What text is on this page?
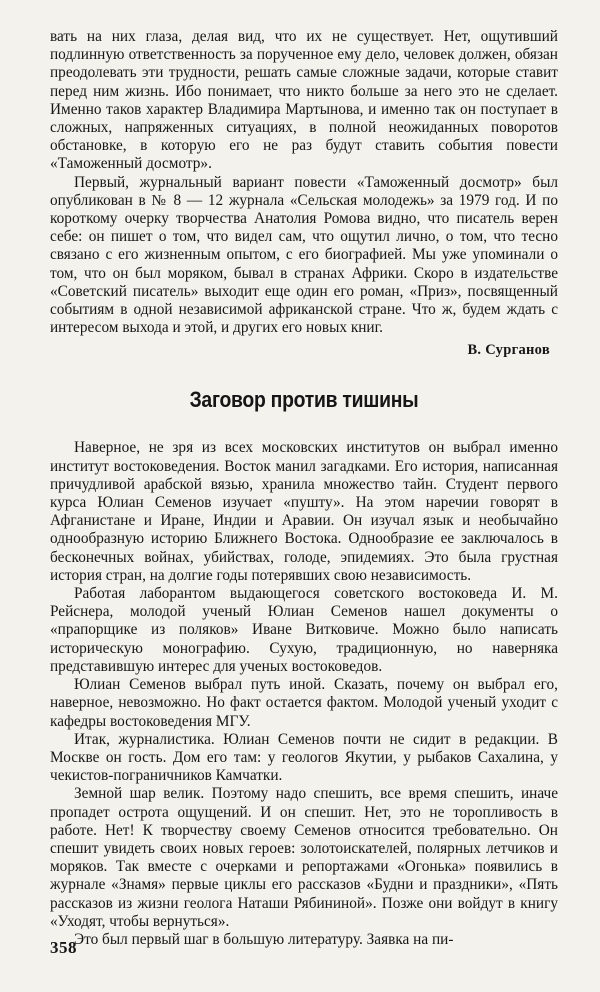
вать на них глаза, делая вид, что их не существует. Нет, ощутивший подлинную ответственность за порученное ему дело, человек должен, обязан преодолевать эти трудности, решать самые сложные задачи, которые ставит перед ним жизнь. Ибо понимает, что никто больше за него это не сделает. Именно таков характер Владимира Мартынова, и именно так он поступает в сложных, напряженных ситуациях, в полной неожиданных поворотов обстановке, в которую его не раз будут ставить события повести «Таможенный досмотр».

Первый, журнальный вариант повести «Таможенный досмотр» был опубликован в № 8 — 12 журнала «Сельская молодежь» за 1979 год. И по короткому очерку творчества Анатолия Ромова видно, что писатель верен себе: он пишет о том, что видел сам, что ощутил лично, о том, что тесно связано с его жизненным опытом, с его биографией. Мы уже упоминали о том, что он был моряком, бывал в странах Африки. Скоро в издательстве «Советский писатель» выходит еще один его роман, «Приз», посвященный событиям в одной независимой африканской стране. Что ж, будем ждать с интересом выхода и этой, и других его новых книг.

В. Сурганов
Заговор против тишины

Наверное, не зря из всех московских институтов он выбрал именно институт востоковедения. Восток манил загадками. Его история, написанная причудливой арабской вязью, хранила множество тайн. Студент первого курса Юлиан Семенов изучает «пушту». На этом наречии говорят в Афганистане и Иране, Индии и Аравии. Он изучал язык и необычайно однообразную историю Ближнего Востока. Однообразие ее заключалось в бесконечных войнах, убийствах, голоде, эпидемиях. Это была грустная история стран, на долгие годы потерявших свою независимость.

Работая лаборантом выдающегося советского востоковеда И. М. Рейснера, молодой ученый Юлиан Семенов нашел документы о «прапорщике из поляков» Иване Витковиче. Можно было написать историческую монографию. Сухую, традиционную, но наверняка представившую интерес для ученых востоковедов.

Юлиан Семенов выбрал путь иной. Сказать, почему он выбрал его, наверное, невозможно. Но факт остается фактом. Молодой ученый уходит с кафедры востоковедения МГУ.

Итак, журналистика. Юлиан Семенов почти не сидит в редакции. В Москве он гость. Дом его там: у геологов Якутии, у рыбаков Сахалина, у чекистов-пограничников Камчатки.

Земной шар велик. Поэтому надо спешить, все время спешить, иначе пропадет острота ощущений. И он спешит. Нет, это не торопливость в работе. Нет! К творчеству своему Семенов относится требовательно. Он спешит увидеть своих новых героев: золотоискателей, полярных летчиков и моряков. Так вместе с очерками и репортажами «Огонька» появились в журнале «Знамя» первые циклы его рассказов «Будни и праздники», «Пять рассказов из жизни геолога Наташи Рябининой». Позже они войдут в книгу «Уходят, чтобы вернуться».

Это был первый шаг в большую литературу. Заявка на пи-

358
